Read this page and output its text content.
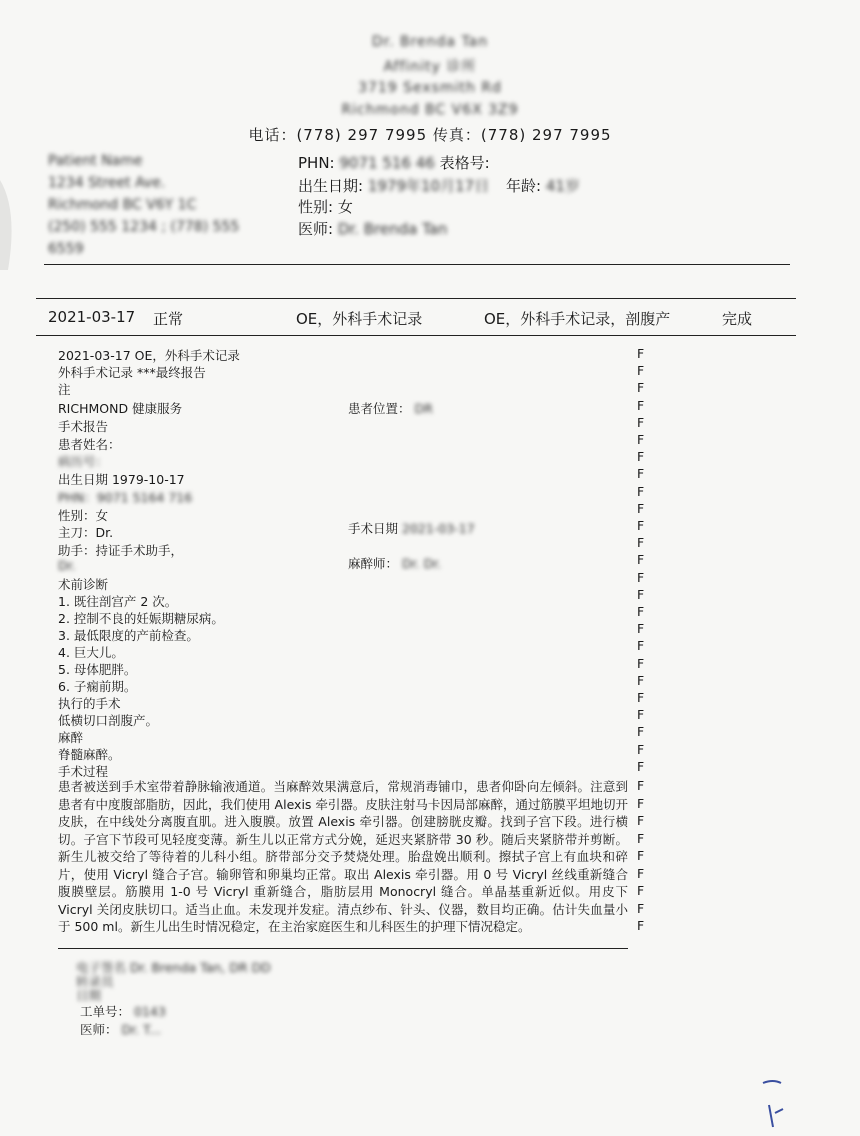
Dr. Brenda Tan
Affinity 诊所
3719 Sexsmith Rd
Richmond BC V6X 3Z9
电话：(778) 297 7995 传真：(778) 297 7995
Patient Name
1234 Street Ave.
Richmond BC V6Y 1C
(250) 555 1234 ; (778) 555
6559
PHN: 9071 516 46 表格号:
出生日期: 1979年10月17日 年龄: 41岁
性别: 女
医师: Dr. Brenda Tan
2021-03-17 正常	OE，外科手术记录	OE，外科手术记录，剖腹产	完成
2021-03-17 OE，外科手术记录
外科手术记录 ***最终报告
注
RICHMOND 健康服务
手术报告
患者姓名：
病历号：
出生日期 1979-10-17
PHN：9071 5164 716
性别：女
主刀：Dr.
助手：持证手术助手，
Dr.
术前诊断
1. 既往剖宫产 2 次。
2. 控制不良的妊娠期糖尿病。
3. 最低限度的产前检查。
4. 巨大儿。
5. 母体肥胖。
6. 子痫前期。
执行的手术
低横切口剖腹产。
麻醉
脊髓麻醉。
手术过程
患者位置： DR
手术日期 2021-03-17
麻醉师： Dr. Dr.
患者被送到手术室带着静脉输液通道。当麻醉效果满意后，常规消毒铺巾，患者仰卧向左倾斜。注意到患者有中度腹部脂肪，因此，我们使用 Alexis 牵引器。皮肤注射马卡因局部麻醉，通过筋膜平坦地切开皮肤，在中线处分离腹直肌。进入腹膜。放置 Alexis 牵引器。创建膀胱皮瓣。找到子宫下段。进行横切。子宫下节段可见轻度变薄。新生儿以正常方式分娩，延迟夹紧脐带 30 秒。随后夹紧脐带并剪断。新生儿被交给了等待着的儿科小组。脐带部分交予焚烧处理。胎盘娩出顺利。擦拭子宫上有血块和碎片，使用 Vicryl 缝合子宫。输卵管和卵巢均正常。取出 Alexis 牵引器。用 0 号 Vicryl 丝线重新缝合腹膜壁层。筋膜用 1-0 号 Vicryl 重新缝合，脂肪层用 Monocryl 缝合。单晶基重新近似。用皮下 Vicryl 关闭皮肤切口。适当止血。未发现并发症。清点纱布、针头、仪器，数目均正确。估计失血量小于 500 ml。新生儿出生时情况稳定，在主治家庭医生和儿科医生的护理下情况稳定。
F
F
F
F
F
F
F
F
F
F
F
F
F
F
F
F
F
F
F
F
F
F
F
F
F
F
F
F
F
F
F
F
F
F
电子签名 Dr. Brenda Tan, DR DD
转录员
日期
工单号： 0143
医师： Dr. T...
